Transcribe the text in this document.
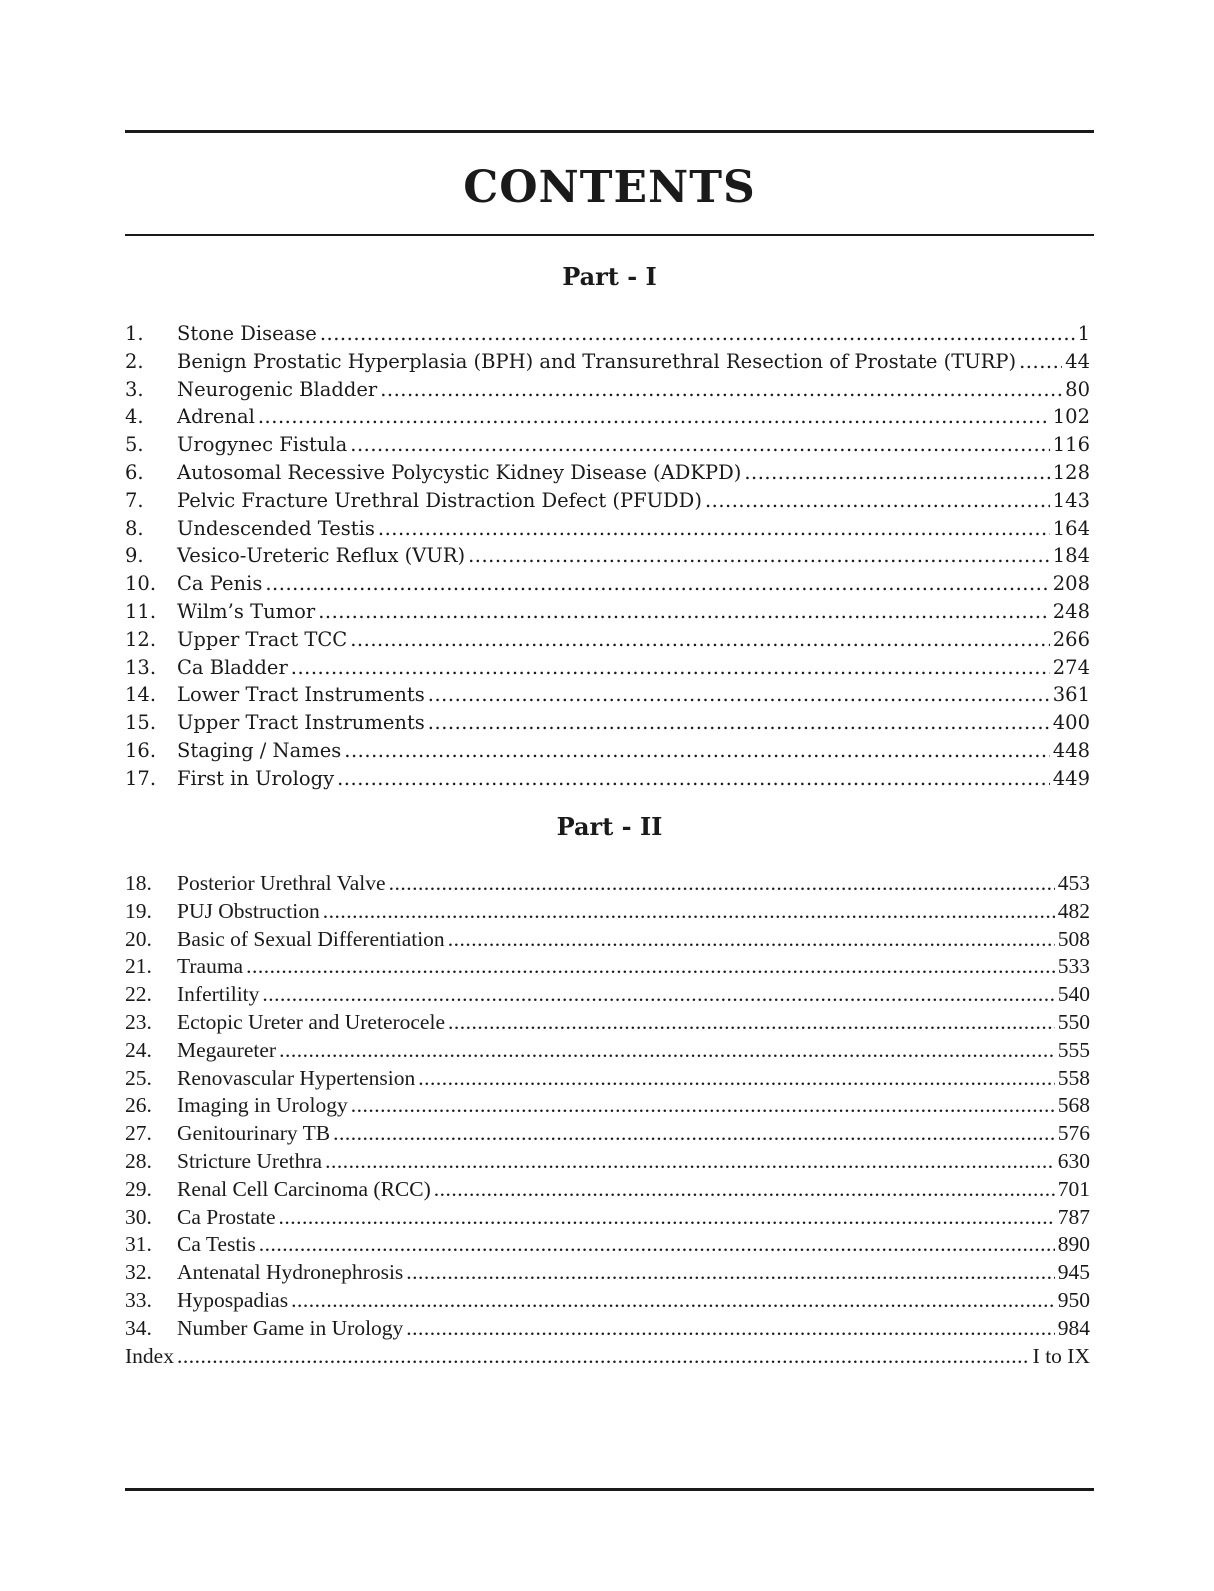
CONTENTS
Part - I
1.	Stone Disease .....	1
2.	Benign Prostatic Hyperplasia (BPH) and Transurethral Resection of Prostate (TURP) .....	44
3.	Neurogenic Bladder .....	80
4.	Adrenal .....	102
5.	Urogynec Fistula .....	116
6.	Autosomal Recessive Polycystic Kidney Disease (ADKPD) .....	128
7.	Pelvic Fracture Urethral Distraction Defect (PFUDD) .....	143
8.	Undescended Testis .....	164
9.	Vesico-Ureteric Reflux (VUR) .....	184
10.	Ca Penis .....	208
11.	Wilm’s Tumor .....	248
12.	Upper Tract TCC .....	266
13.	Ca Bladder .....	274
14.	Lower Tract Instruments .....	361
15.	Upper Tract Instruments .....	400
16.	Staging / Names .....	448
17.	First in Urology .....	449
Part - II
18.	Posterior Urethral Valve .....	453
19.	PUJ Obstruction .....	482
20.	Basic of Sexual Differentiation .....	508
21.	Trauma .....	533
22.	Infertility .....	540
23.	Ectopic Ureter and Ureterocele .....	550
24.	Megaureter .....	555
25.	Renovascular Hypertension .....	558
26.	Imaging in Urology .....	568
27.	Genitourinary TB .....	576
28.	Stricture Urethra .....	630
29.	Renal Cell Carcinoma (RCC) .....	701
30.	Ca Prostate .....	787
31.	Ca Testis .....	890
32.	Antenatal Hydronephrosis .....	945
33.	Hypospadias .....	950
34.	Number Game in Urology .....	984
Index .....	I to IX
